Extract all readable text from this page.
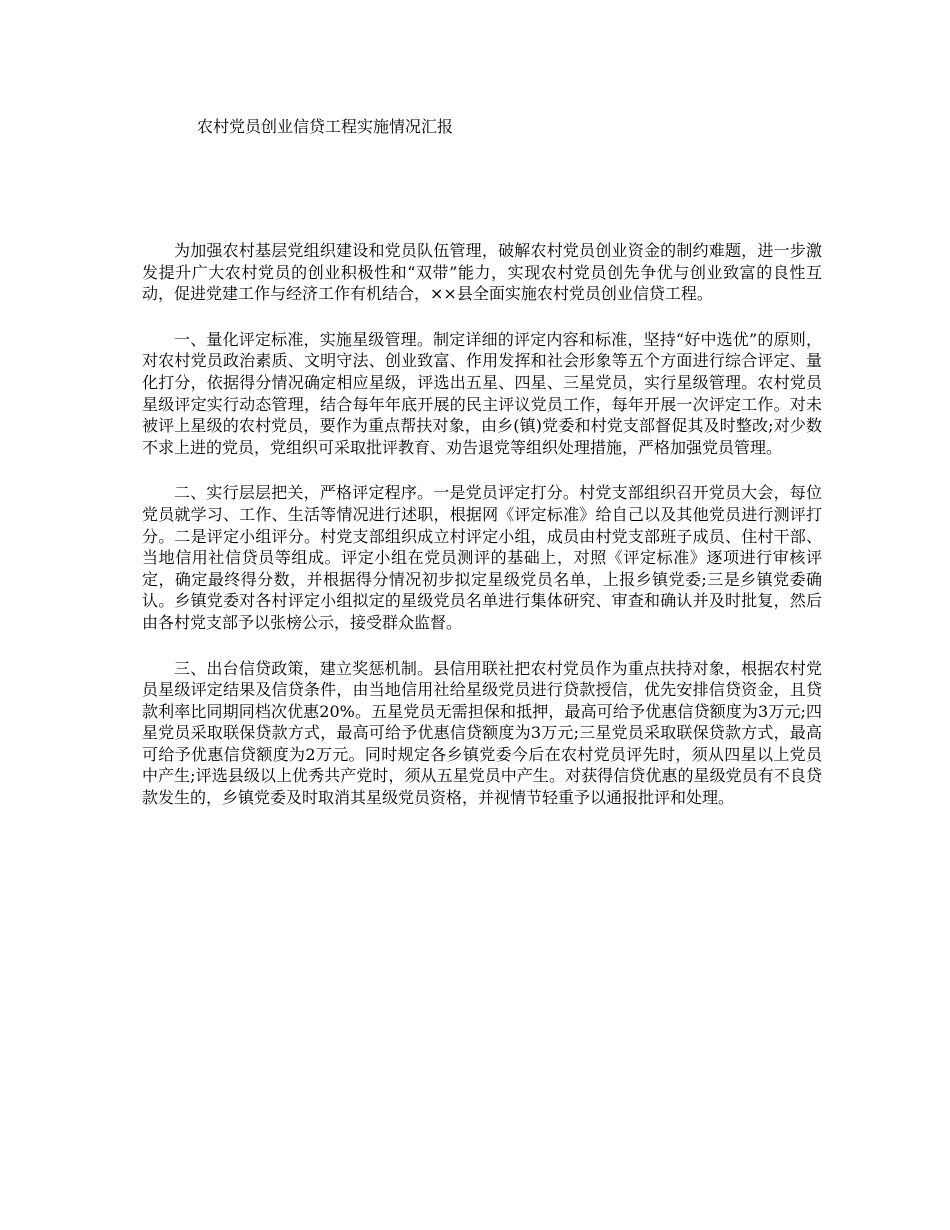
农村党员创业信贷工程实施情况汇报

为加强农村基层党组织建设和党员队伍管理，破解农村党员创业资金的制约难题，进一步激发提升广大农村党员的创业积极性和“双带”能力，实现农村党员创先争优与创业致富的良性互动，促进党建工作与经济工作有机结合，××县全面实施农村党员创业信贷工程。

一、量化评定标准，实施星级管理。制定详细的评定内容和标准，坚持“好中选优”的原则，对农村党员政治素质、文明守法、创业致富、作用发挥和社会形象等五个方面进行综合评定、量化打分，依据得分情况确定相应星级，评选出五星、四星、三星党员，实行星级管理。农村党员星级评定实行动态管理，结合每年年底开展的民主评议党员工作，每年开展一次评定工作。对未被评上星级的农村党员，要作为重点帮扶对象，由乡(镇)党委和村党支部督促其及时整改;对少数不求上进的党员，党组织可采取批评教育、劝告退党等组织处理措施，严格加强党员管理。

二、实行层层把关，严格评定程序。一是党员评定打分。村党支部组织召开党员大会，每位党员就学习、工作、生活等情况进行述职，根据网《评定标准》给自己以及其他党员进行测评打分。二是评定小组评分。村党支部组织成立村评定小组，成员由村党支部班子成员、住村干部、当地信用社信贷员等组成。评定小组在党员测评的基础上，对照《评定标准》逐项进行审核评定，确定最终得分数，并根据得分情况初步拟定星级党员名单，上报乡镇党委;三是乡镇党委确认。乡镇党委对各村评定小组拟定的星级党员名单进行集体研究、审查和确认并及时批复，然后由各村党支部予以张榜公示，接受群众监督。

三、出台信贷政策，建立奖惩机制。县信用联社把农村党员作为重点扶持对象，根据农村党员星级评定结果及信贷条件，由当地信用社给星级党员进行贷款授信，优先安排信贷资金，且贷款利率比同期同档次优惠20%。五星党员无需担保和抵押，最高可给予优惠信贷额度为3万元;四星党员采取联保贷款方式，最高可给予优惠信贷额度为3万元;三星党员采取联保贷款方式，最高可给予优惠信贷额度为2万元。同时规定各乡镇党委今后在农村党员评先时，须从四星以上党员中产生;评选县级以上优秀共产党时，须从五星党员中产生。对获得信贷优惠的星级党员有不良贷款发生的，乡镇党委及时取消其星级党员资格，并视情节轻重予以通报批评和处理。
